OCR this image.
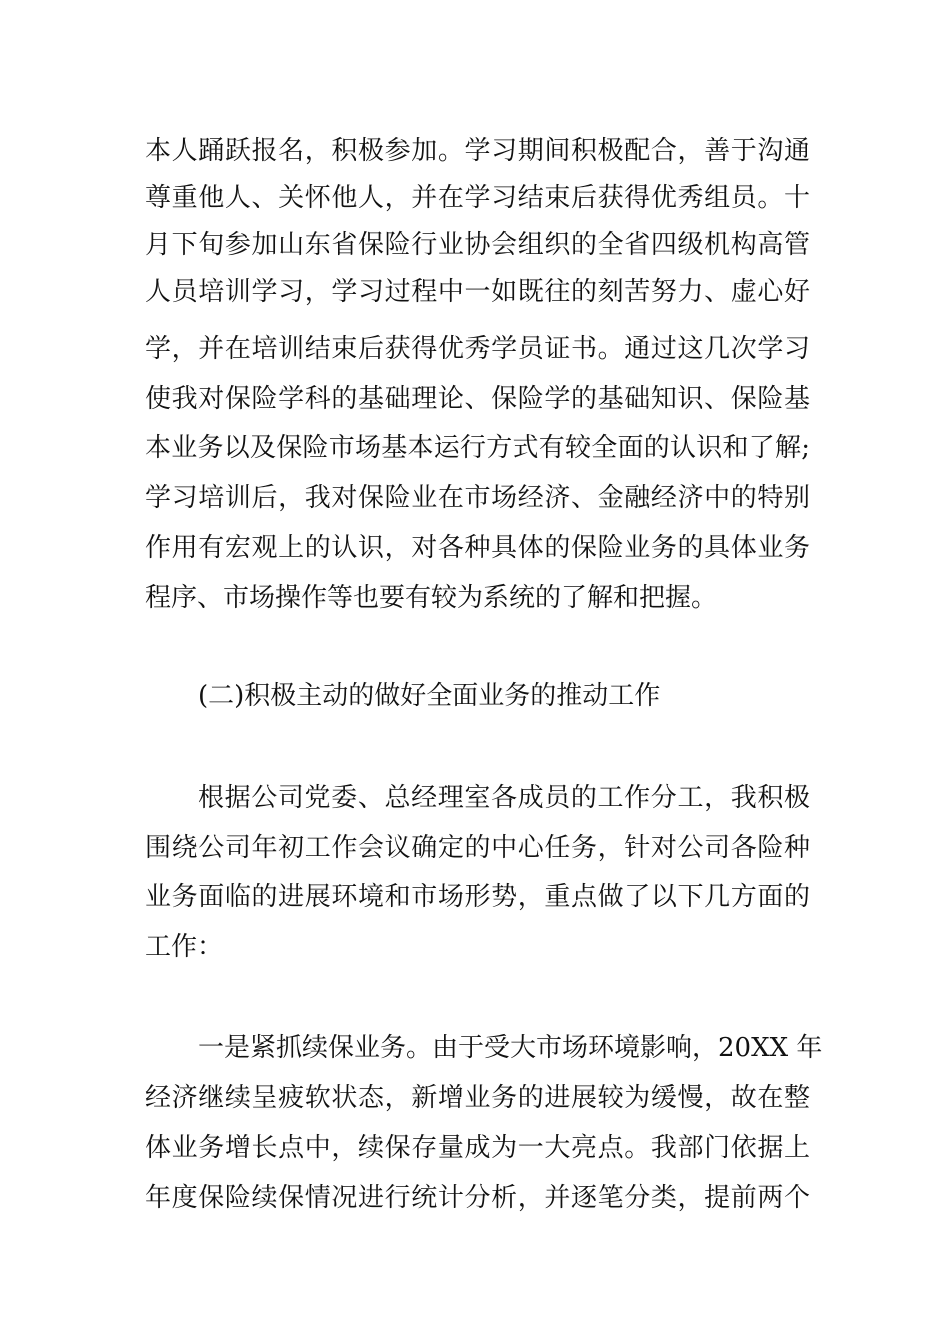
本人踊跃报名，积极参加。学习期间积极配合，善于沟通
尊重他人、关怀他人，并在学习结束后获得优秀组员。十
月下旬参加山东省保险行业协会组织的全省四级机构高管
人员培训学习，学习过程中一如既往的刻苦努力、虚心好
学，并在培训结束后获得优秀学员证书。通过这几次学习
使我对保险学科的基础理论、保险学的基础知识、保险基
本业务以及保险市场基本运行方式有较全面的认识和了解;
学习培训后，我对保险业在市场经济、金融经济中的特别
作用有宏观上的认识，对各种具体的保险业务的具体业务
程序、市场操作等也要有较为系统的了解和把握。
(二)积极主动的做好全面业务的推动工作
根据公司党委、总经理室各成员的工作分工，我积极
围绕公司年初工作会议确定的中心任务，针对公司各险种
业务面临的进展环境和市场形势，重点做了以下几方面的
工作：
一是紧抓续保业务。由于受大市场环境影响，20XX 年
经济继续呈疲软状态，新增业务的进展较为缓慢，故在整
体业务增长点中，续保存量成为一大亮点。我部门依据上
年度保险续保情况进行统计分析，并逐笔分类，提前两个
